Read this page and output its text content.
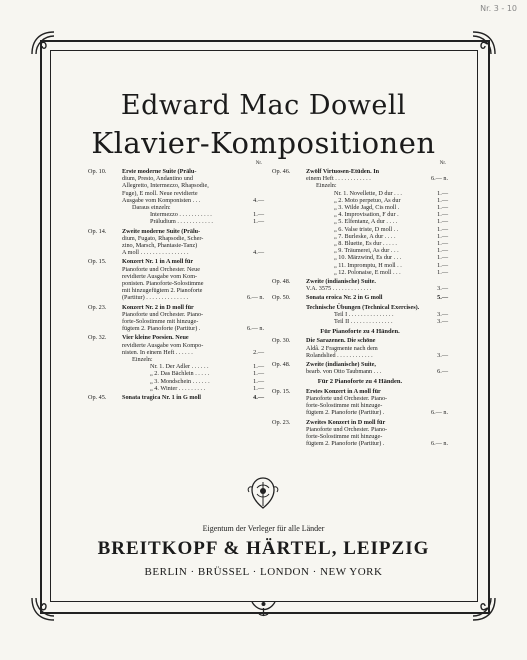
Nr. 3 - 10
Edward Mac Dowell
Klavier-Kompositionen
Nr.
Op. 10.	Erste moderne Suite (Prälu-
dium, Presto, Andantino und
Allegretto, Intermezzo, Rhapsodie,
Fuge), E moll. Neue revidierte
Ausgabe vom Komponisten . . .	4.—
Daraus einzeln:
Intermezzo . . . . . . . . . . .	1.—
Präludium . . . . . . . . . . . .	1.—
Op. 14.	Zweite moderne Suite (Prälu-
dium, Fugato, Rhapsodie, Scher-
zino, Marsch, Phantasie-Tanz)
A moll . . . . . . . . . . . . . . . .	4.—
Op. 15.	Konzert Nr. 1 in A moll für
Pianoforte und Orchester. Neue
revidierte Ausgabe vom Kom-
ponisten. Pianoforte-Solostimme
mit hinzugefügtem 2. Pianoforte
(Partitur) . . . . . . . . . . . . . .	6.— n.
Op. 23.	Konzert Nr. 2 in D moll für
Pianoforte und Orchester. Piano-
forte-Solostimme mit hinzuge-
fügtem 2. Pianoforte (Partitur) .	6.— n.
Op. 32.	Vier kleine Poesien. Neue
revidierte Ausgabe vom Kompo-
nisten. In einem Heft . . . . . .	2.—
Einzeln:
Nr. 1. Der Adler . . . . . .	1.—
„ 2. Das Bächlein . . . . .	1.—
„ 3. Mondschein . . . . . .	1.—
„ 4. Winter . . . . . . . . .	1.—
Op. 45.	Sonata tragica Nr. 1 in G moll	4.—
Nr.
Op. 46.	Zwölf Virtuosen-Etüden. In
einem Heft . . . . . . . . . . . .	6.— n.
Einzeln:
Nr. 1. Novellette, D dur . . .	1.—
„ 2. Moto perpetuo, As dur	1.—
„ 3. Wilde Jagd, Cis moll .	1.—
„ 4. Improvisation, F dur .	1.—
„ 5. Elfentanz, A dur . . . .	1.—
„ 6. Valse triste, D moll . .	1.—
„ 7. Burleske, A dur . . . .	1.—
„ 8. Bluette, Es dur . . . . .	1.—
„ 9. Träumerei, As dur . . .	1.—
„ 10. Märzwind, Es dur . . .	1.—
„ 11. Impromptu, H moll . .	1.—
„ 12. Polonaise, E moll . . .	1.—
Op. 48.	Zweite (indianische) Suite.
V.A. 3575 . . . . . . . . . . . . .	3.—
Op. 50.	Sonata eroica Nr. 2 in G moll	5.—
Technische Übungen (Technical Exercises).
Teil I . . . . . . . . . . . . . . .	3.—
Teil II . . . . . . . . . . . . . .	3.—
Für Pianoforte zu 4 Händen.
Op. 30.	Die Sarazenen. Die schöne
Aldâ. 2 Fragmente nach dem
Rolandslied . . . . . . . . . . . .	3.—
Op. 48.	Zweite (indianische) Suite,
bearb. von Otto Taubmann . . .	6.—
Für 2 Pianoforte zu 4 Händen.
Op. 15.	Erstes Konzert in A moll für
Pianoforte und Orchester. Piano-
forte-Solostimme mit hinzuge-
fügtem 2. Pianoforte (Partitur) .	6.— n.
Op. 23.	Zweites Konzert in D moll für
Pianoforte und Orchester. Piano-
forte-Solostimme mit hinzuge-
fügtem 2. Pianoforte (Partitur) .	6.— n.
Eigentum der Verleger für alle Länder
BREITKOPF & HÄRTEL, LEIPZIG
BERLIN · BRÜSSEL · LONDON · NEW YORK
